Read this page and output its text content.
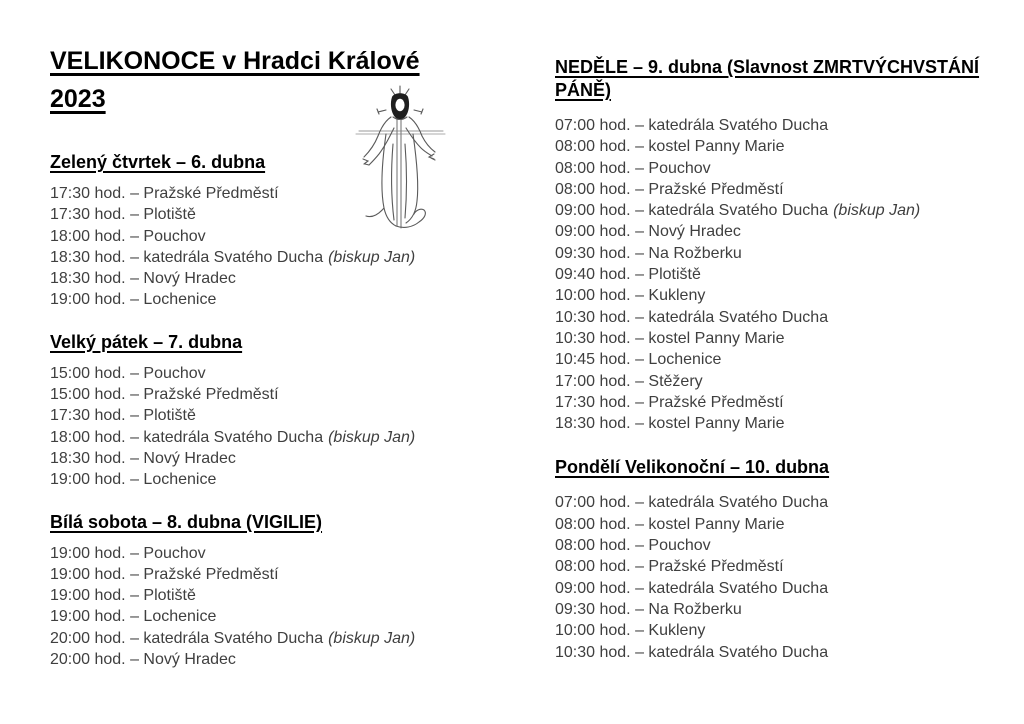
VELIKONOCE v Hradci Králové
2023
Zelený čtvrtek – 6. dubna
17:30 hod. – Pražské Předměstí
17:30 hod. – Plotiště
18:00 hod. – Pouchov
18:30 hod. – katedrála Svatého Ducha (biskup Jan)
18:30 hod. – Nový Hradec
19:00 hod. – Lochenice
Velký pátek – 7. dubna
15:00 hod. – Pouchov
15:00 hod. – Pražské Předměstí
17:30 hod. – Plotiště
18:00 hod. – katedrála Svatého Ducha (biskup Jan)
18:30 hod. – Nový Hradec
19:00 hod. – Lochenice
Bílá sobota – 8. dubna (VIGILIE)
19:00 hod. – Pouchov
19:00 hod. – Pražské Předměstí
19:00 hod. – Plotiště
19:00 hod. – Lochenice
20:00 hod. – katedrála Svatého Ducha (biskup Jan)
20:00 hod. – Nový Hradec
NEDĚLE – 9. dubna (Slavnost ZMRTVÝCHVSTÁNÍ PÁNĚ)
07:00 hod. – katedrála Svatého Ducha
08:00 hod. – kostel Panny Marie
08:00 hod. – Pouchov
08:00 hod. – Pražské Předměstí
09:00 hod. – katedrála Svatého Ducha (biskup Jan)
09:00 hod. – Nový Hradec
09:30 hod. – Na Rožberku
09:40 hod. – Plotiště
10:00 hod. – Kukleny
10:30 hod. – katedrála Svatého Ducha
10:30 hod. – kostel Panny Marie
10:45 hod. – Lochenice
17:00 hod. – Stěžery
17:30 hod. – Pražské Předměstí
18:30 hod. – kostel Panny Marie
Pondělí Velikonoční – 10. dubna
07:00 hod. – katedrála Svatého Ducha
08:00 hod. – kostel Panny Marie
08:00 hod. – Pouchov
08:00 hod. – Pražské Předměstí
09:00 hod. – katedrála Svatého Ducha
09:30 hod. – Na Rožberku
10:00 hod. – Kukleny
10:30 hod. – katedrála Svatého Ducha
